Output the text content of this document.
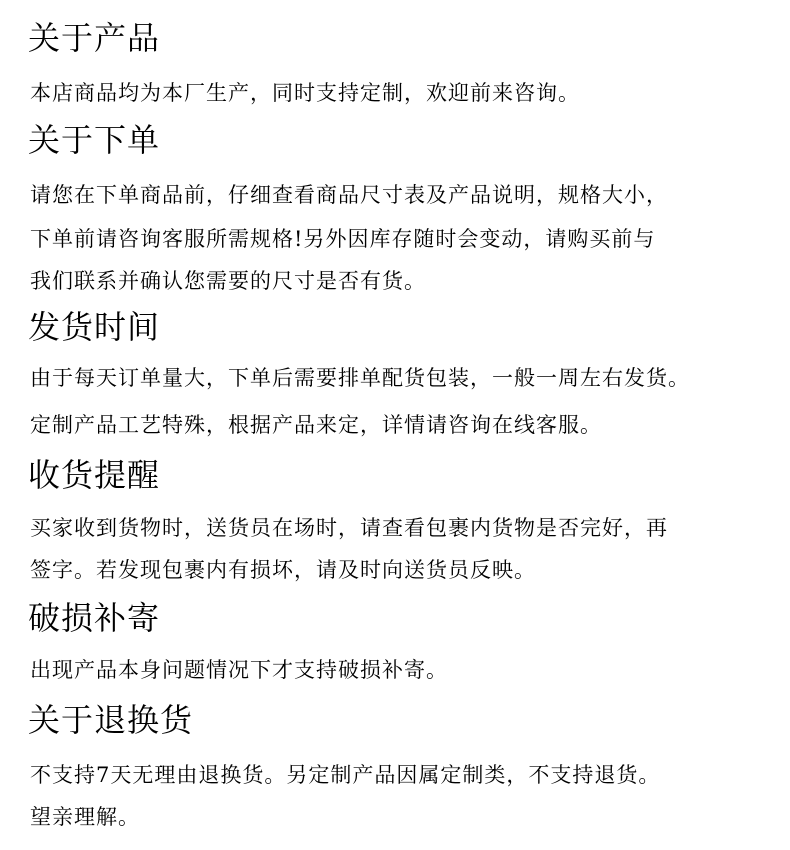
关于产品
本店商品均为本厂生产，同时支持定制，欢迎前来咨询。
关于下单
请您在下单商品前，仔细查看商品尺寸表及产品说明，规格大小，
下单前请咨询客服所需规格!另外因库存随时会变动，请购买前与
我们联系并确认您需要的尺寸是否有货。
发货时间
由于每天订单量大，下单后需要排单配货包装，一般一周左右发货。
定制产品工艺特殊，根据产品来定，详情请咨询在线客服。
收货提醒
买家收到货物时，送货员在场时，请查看包裹内货物是否完好，再
签字。若发现包裹内有损坏，请及时向送货员反映。
破损补寄
出现产品本身问题情况下才支持破损补寄。
关于退换货
不支持7天无理由退换货。另定制产品因属定制类，不支持退货。
望亲理解。
